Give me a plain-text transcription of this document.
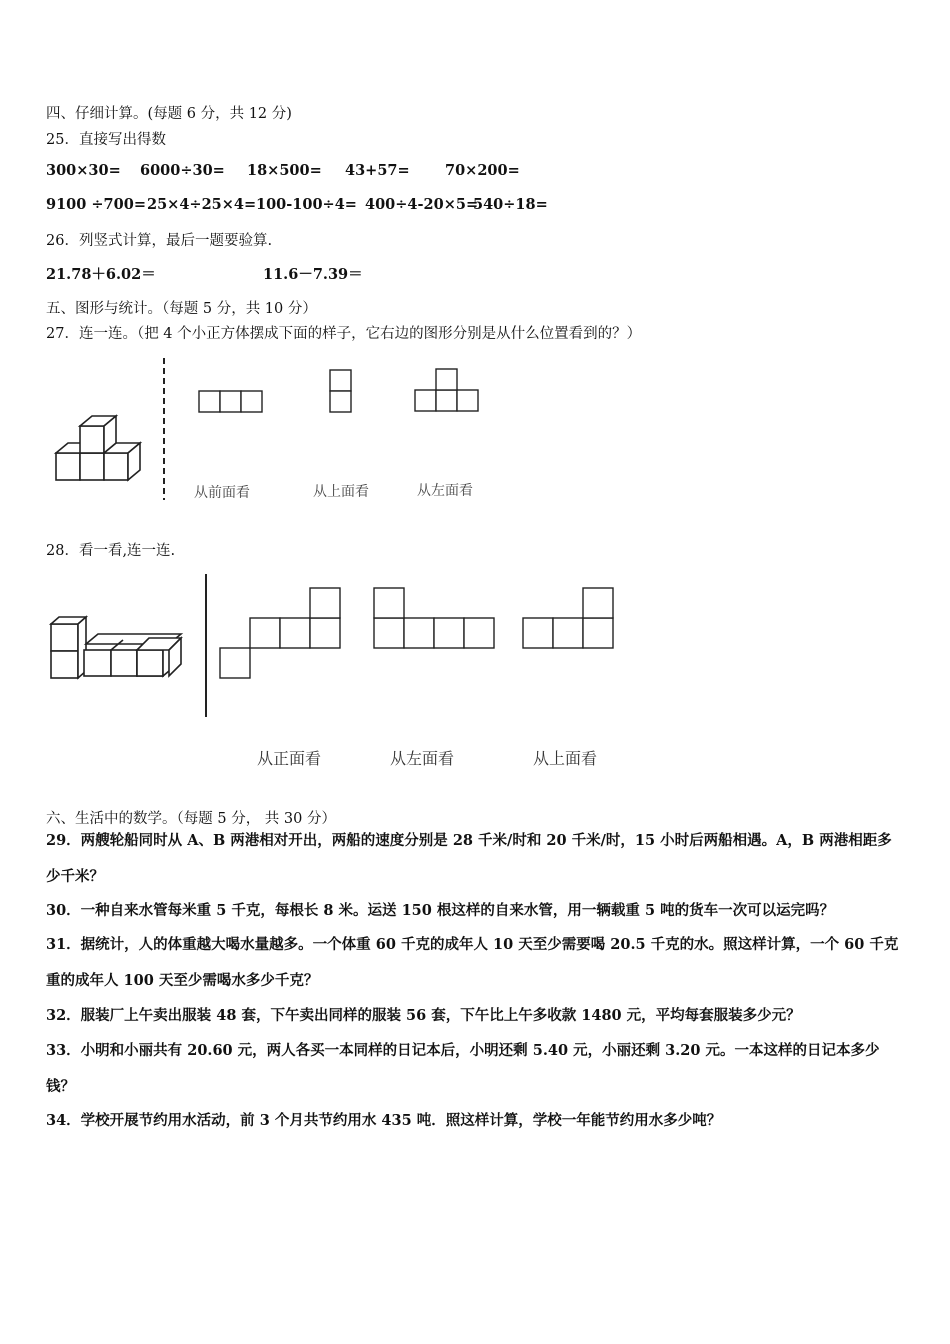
四、仔细计算。(每题 6 分，共 12 分)
25．直接写出得数
300×30= 6000÷30= 18×500= 43+57= 70×200=
9100 ÷700= 25×4÷25×4= 100-100÷4= 400÷4-20×5=
540÷18=
26．列竖式计算，最后一题要验算.
21.78＋6.02＝	11.6－7.39＝
五、图形与统计。（每题 5 分，共 10 分）
27．连一连。（把 4 个小正方体摆成下面的样子，它右边的图形分别是从什么位置看到的？）
从前面看	从上面看	从左面看
28．看一看,连一连.
从正面看	从左面看	从上面看
六、生活中的数学。（每题 5 分， 共 30 分）
29．两艘轮船同时从 A、B 两港相对开出，两船的速度分别是 28 千米/时和 20 千米/时，15 小时后两船相遇。A，B 两港相距多少千米？
30．一种自来水管每米重 5 千克，每根长 8 米。运送 150 根这样的自来水管，用一辆载重 5 吨的货车一次可以运完吗？
31．据统计，人的体重越大喝水量越多。一个体重 60 千克的成年人 10 天至少需要喝 20.5 千克的水。照这样计算，一个 60 千克重的成年人 100 天至少需喝水多少千克？
32．服装厂上午卖出服装 48 套，下午卖出同样的服装 56 套，下午比上午多收款 1480 元，平均每套服装多少元？
33．小明和小丽共有 20.60 元，两人各买一本同样的日记本后，小明还剩 5.40 元，小丽还剩 3.20 元。一本这样的日记本多少钱？
34．学校开展节约用水活动，前 3 个月共节约用水 435 吨．照这样计算，学校一年能节约用水多少吨？
